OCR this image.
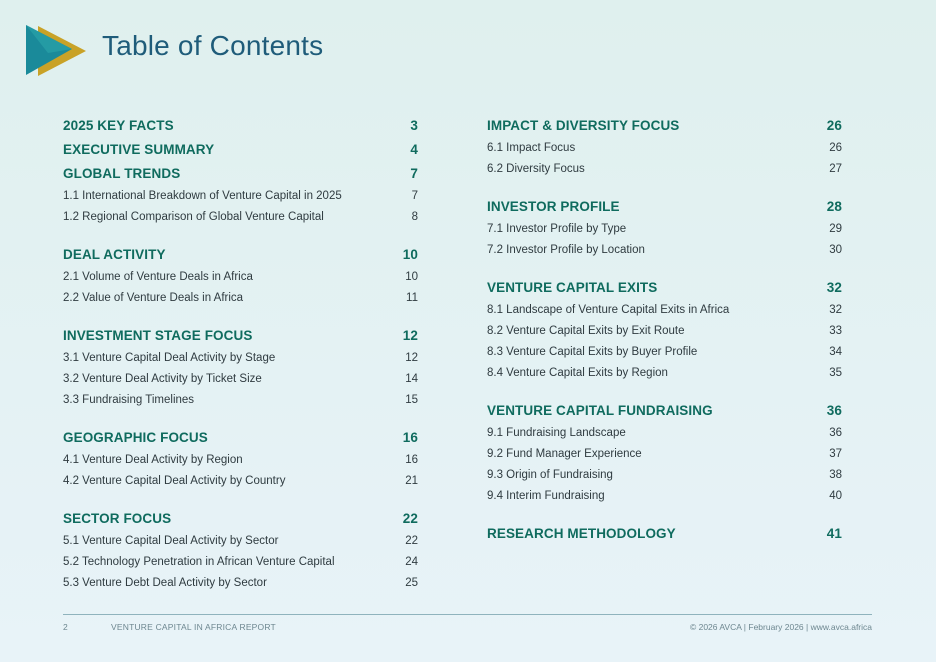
Table of Contents
2025 KEY FACTS	3
EXECUTIVE SUMMARY	4
GLOBAL TRENDS	7
1.1 International Breakdown of Venture Capital in 2025	7
1.2 Regional Comparison of Global Venture Capital	8
DEAL ACTIVITY	10
2.1 Volume of Venture Deals in Africa	10
2.2 Value of Venture Deals in Africa	11
INVESTMENT STAGE FOCUS	12
3.1 Venture Capital Deal Activity by Stage	12
3.2 Venture Deal Activity by Ticket Size	14
3.3 Fundraising Timelines	15
GEOGRAPHIC FOCUS	16
4.1 Venture Deal Activity by Region	16
4.2 Venture Capital Deal Activity by Country	21
SECTOR FOCUS	22
5.1 Venture Capital Deal Activity by Sector	22
5.2 Technology Penetration in African Venture Capital	24
5.3 Venture Debt Deal Activity by Sector	25
IMPACT & DIVERSITY FOCUS	26
6.1 Impact Focus	26
6.2 Diversity Focus	27
INVESTOR PROFILE	28
7.1 Investor Profile by Type	29
7.2 Investor Profile by Location	30
VENTURE CAPITAL EXITS	32
8.1 Landscape of Venture Capital Exits in Africa	32
8.2 Venture Capital Exits by Exit Route	33
8.3 Venture Capital Exits by Buyer Profile	34
8.4 Venture Capital Exits by Region	35
VENTURE CAPITAL FUNDRAISING	36
9.1 Fundraising Landscape	36
9.2 Fund Manager Experience	37
9.3 Origin of Fundraising	38
9.4 Interim Fundraising	40
RESEARCH METHODOLOGY	41
2	VENTURE CAPITAL IN AFRICA REPORT	© 2026 AVCA | February 2026 | www.avca.africa
